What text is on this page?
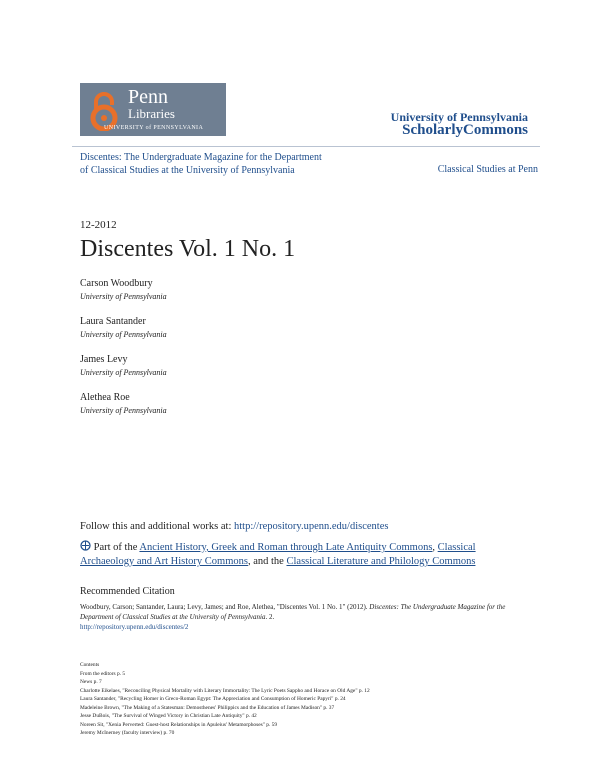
Penn
Libraries
UNIVERSITY of PENNSYLVANIA
University of Pennsylvania
ScholarlyCommons
Discentes: The Undergraduate Magazine for the Department of Classical Studies at the University of Pennsylvania	Classical Studies at Penn
12-2012
Discentes Vol. 1 No. 1
Carson Woodbury
University of Pennsylvania
Laura Santander
University of Pennsylvania
James Levy
University of Pennsylvania
Alethea Roe
University of Pennsylvania
Follow this and additional works at: http://repository.upenn.edu/discentes
Part of the Ancient History, Greek and Roman through Late Antiquity Commons, Classical Archaeology and Art History Commons, and the Classical Literature and Philology Commons
Recommended Citation
Woodbury, Carson; Santander, Laura; Levy, James; and Roe, Alethea, "Discentes Vol. 1 No. 1" (2012). Discentes: The Undergraduate Magazine for the Department of Classical Studies at the University of Pennsylvania. 2.
http://repository.upenn.edu/discentes/2
Contents
From the editors p. 5
News p. 7
Charlotte Eikelaes, "Reconciling Physical Mortality with Literary Immortality: The Lyric Poets Sappho and Horace on Old Age" p. 12
Laura Santander, "Recycling Homer in Greco-Roman Egypt: The Appreciation and Consumption of Homeric Papyri" p. 24
Madeleine Brown, "The Making of a Statesman: Demosthenes' Philippics and the Education of James Madison" p. 37
Jesse DuBois, "The Survival of Winged Victory in Christian Late Antiquity" p. 42
Noreen Sit, "Xenia Perverted: Guest-host Relationships in Apuleius' Metamorphoses" p. 59
Jeremy McInerney (faculty interview) p. 70
